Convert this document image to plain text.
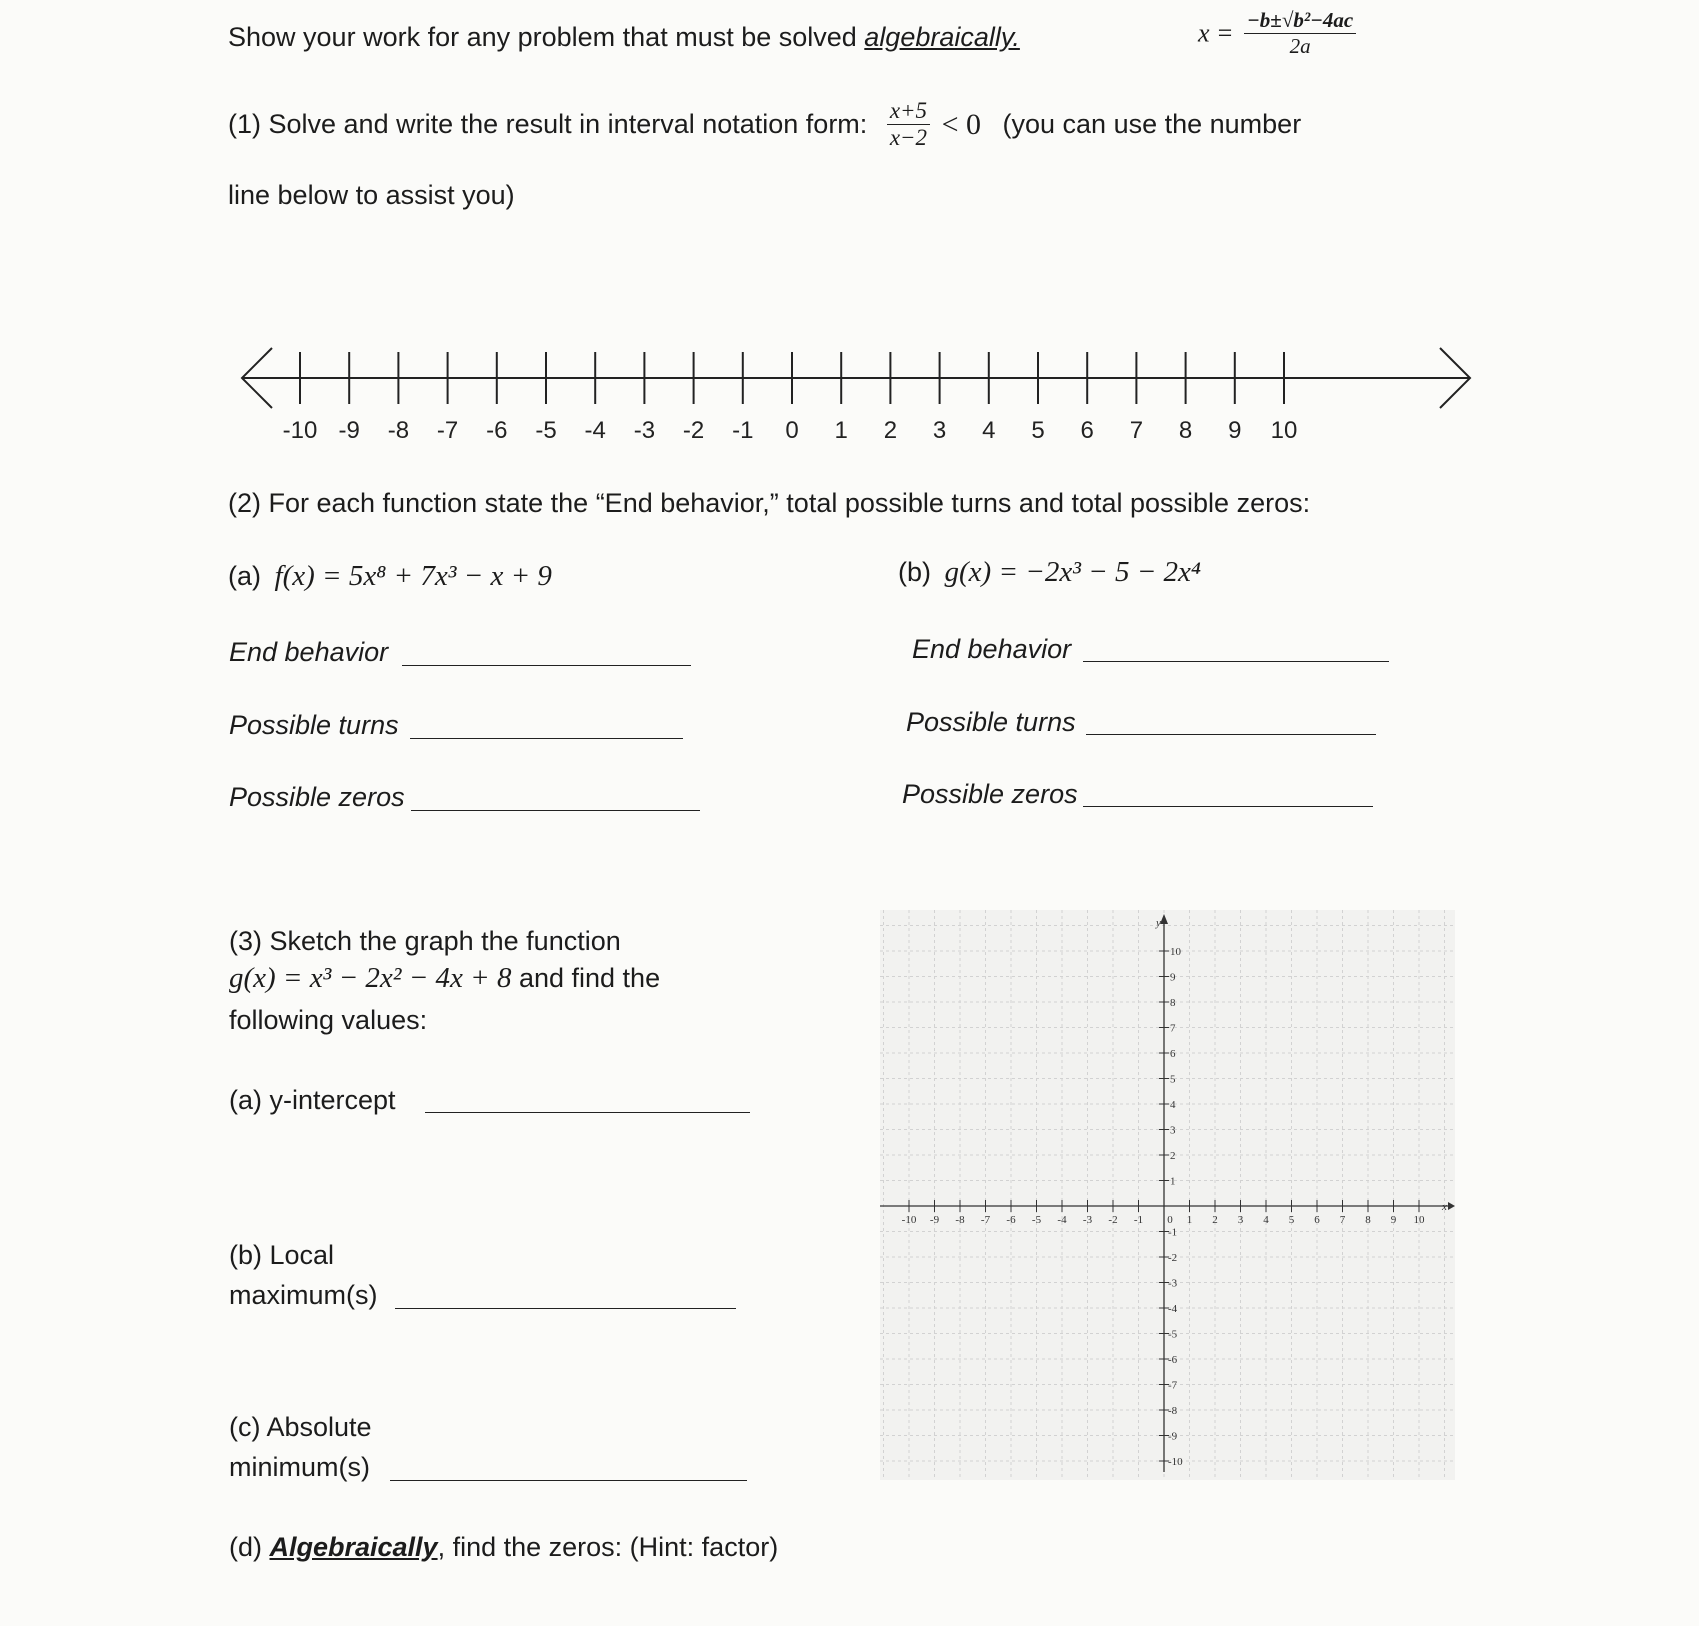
Show your work for any problem that must be solved algebraically.	$x = \frac{\text{−b±√b²−4ac}}{2a}$
(1) Solve and write the result in interval notation form: $\frac{x+5}{x-2} < 0$ (you can use the number
line below to assist you)
-10 -9 -8 -7 -6 -5 -4 -3 -2 -1 0 1 2 3 4 5 6 7 8 9 10
(2) For each function state the “End behavior,” total possible turns and total possible zeros:
(a) f(x) = 5x⁸ + 7x³ − x + 9	(b) g(x) = −2x³ − 5 − 2x⁴
End behavior
Possible turns
Possible zeros
End behavior
Possible turns
Possible zeros
(3) Sketch the graph the function
g(x) = x³ − 2x² − 4x + 8 and find the
following values:
(a) y-intercept
(b) Local
maximum(s)
(c) Absolute
minimum(s)
(d) Algebraically, find the zeros: (Hint: factor)
-10 -9 -8 -7 -6 -5 -4 -3 -2 -1 0 1 2 3 4 5 6 7 8 9 10
1
2
3
4
5
6
7
8
9
10
-1
-2
-3
-4
-5
-6
-7
-8
-9
-10
x
y
